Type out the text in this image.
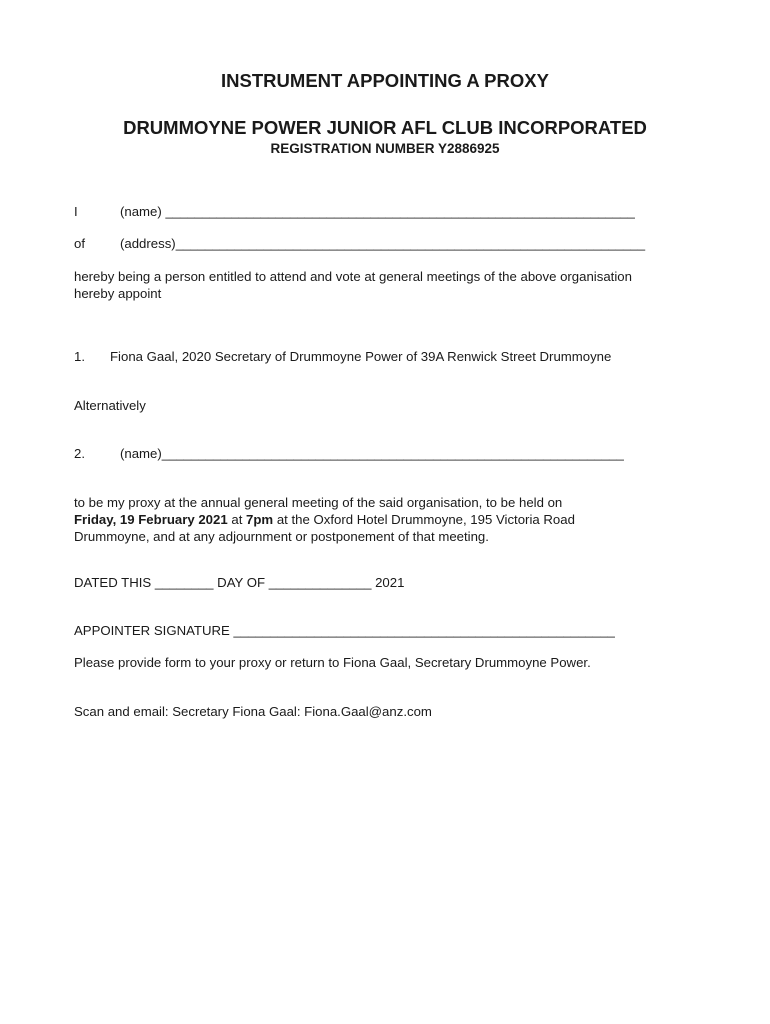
INSTRUMENT APPOINTING A PROXY
DRUMMOYNE POWER JUNIOR AFL CLUB INCORPORATED
REGISTRATION NUMBER Y2886925
I	(name) ________________________________________________________________
of	(address)________________________________________________________________

hereby being a person entitled to attend and vote at general meetings of the above organisation
hereby appoint

1. Fiona Gaal, 2020 Secretary of Drummoyne Power of 39A Renwick Street Drummoyne
Alternatively
2.	(name)_______________________________________________________________

to be my proxy at the annual general meeting of the said organisation, to be held on
Friday, 19 February 2021 at 7pm at the Oxford Hotel Drummoyne, 195 Victoria Road
Drummoyne, and at any adjournment or postponement of that meeting.

DATED THIS ________ DAY OF ______________ 2021
APPOINTER SIGNATURE ____________________________________________________
Please provide form to your proxy or return to Fiona Gaal, Secretary Drummoyne Power.
Scan and email: Secretary Fiona Gaal: Fiona.Gaal@anz.com
